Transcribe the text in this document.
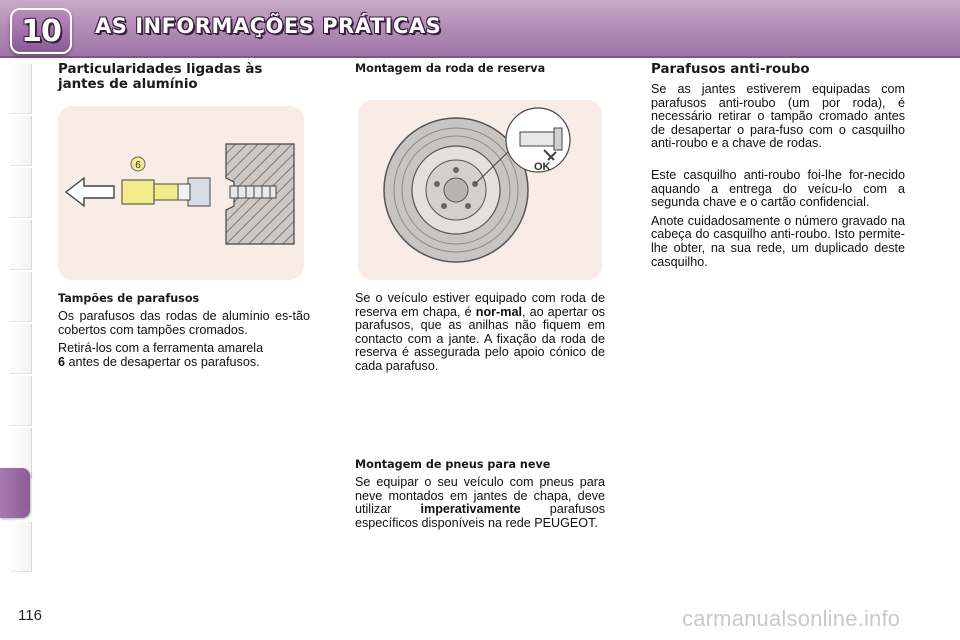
10 AS INFORMAÇÕES PRÁTICAS
Particularidades ligadas às
jantes de alumínio
6
Tampões de parafusos

Os parafusos das rodas de alumínio es-tão cobertos com tampões cromados.

Retirá-los com a ferramenta amarela
6 antes de desapertar os parafusos.

Montagem da roda de reserva
OK

Se o veículo estiver equipado com roda de reserva em chapa, é nor-mal, ao apertar os parafusos, que as anilhas não fiquem em contacto com a jante. A fixação da roda de reserva é assegurada pelo apoio cónico de cada parafuso.

Montagem de pneus para neve

Se equipar o seu veículo com pneus para neve montados em jantes de chapa, deve utilizar imperativamente parafusos específicos disponíveis na rede PEUGEOT.

Parafusos anti-roubo

Se as jantes estiverem equipadas com parafusos anti-roubo (um por roda), é necessário retirar o tampão cromado antes de desapertar o para-fuso com o casquilho anti-roubo e a chave de rodas.

Este casquilho anti-roubo foi-lhe for-necido aquando a entrega do veícu-lo com a segunda chave e o cartão confidencial.

Anote cuidadosamente o número gravado na cabeça do casquilho anti-roubo. Isto permite-lhe obter, na sua rede, um duplicado deste casquilho.

116	carmanualsonline.info
